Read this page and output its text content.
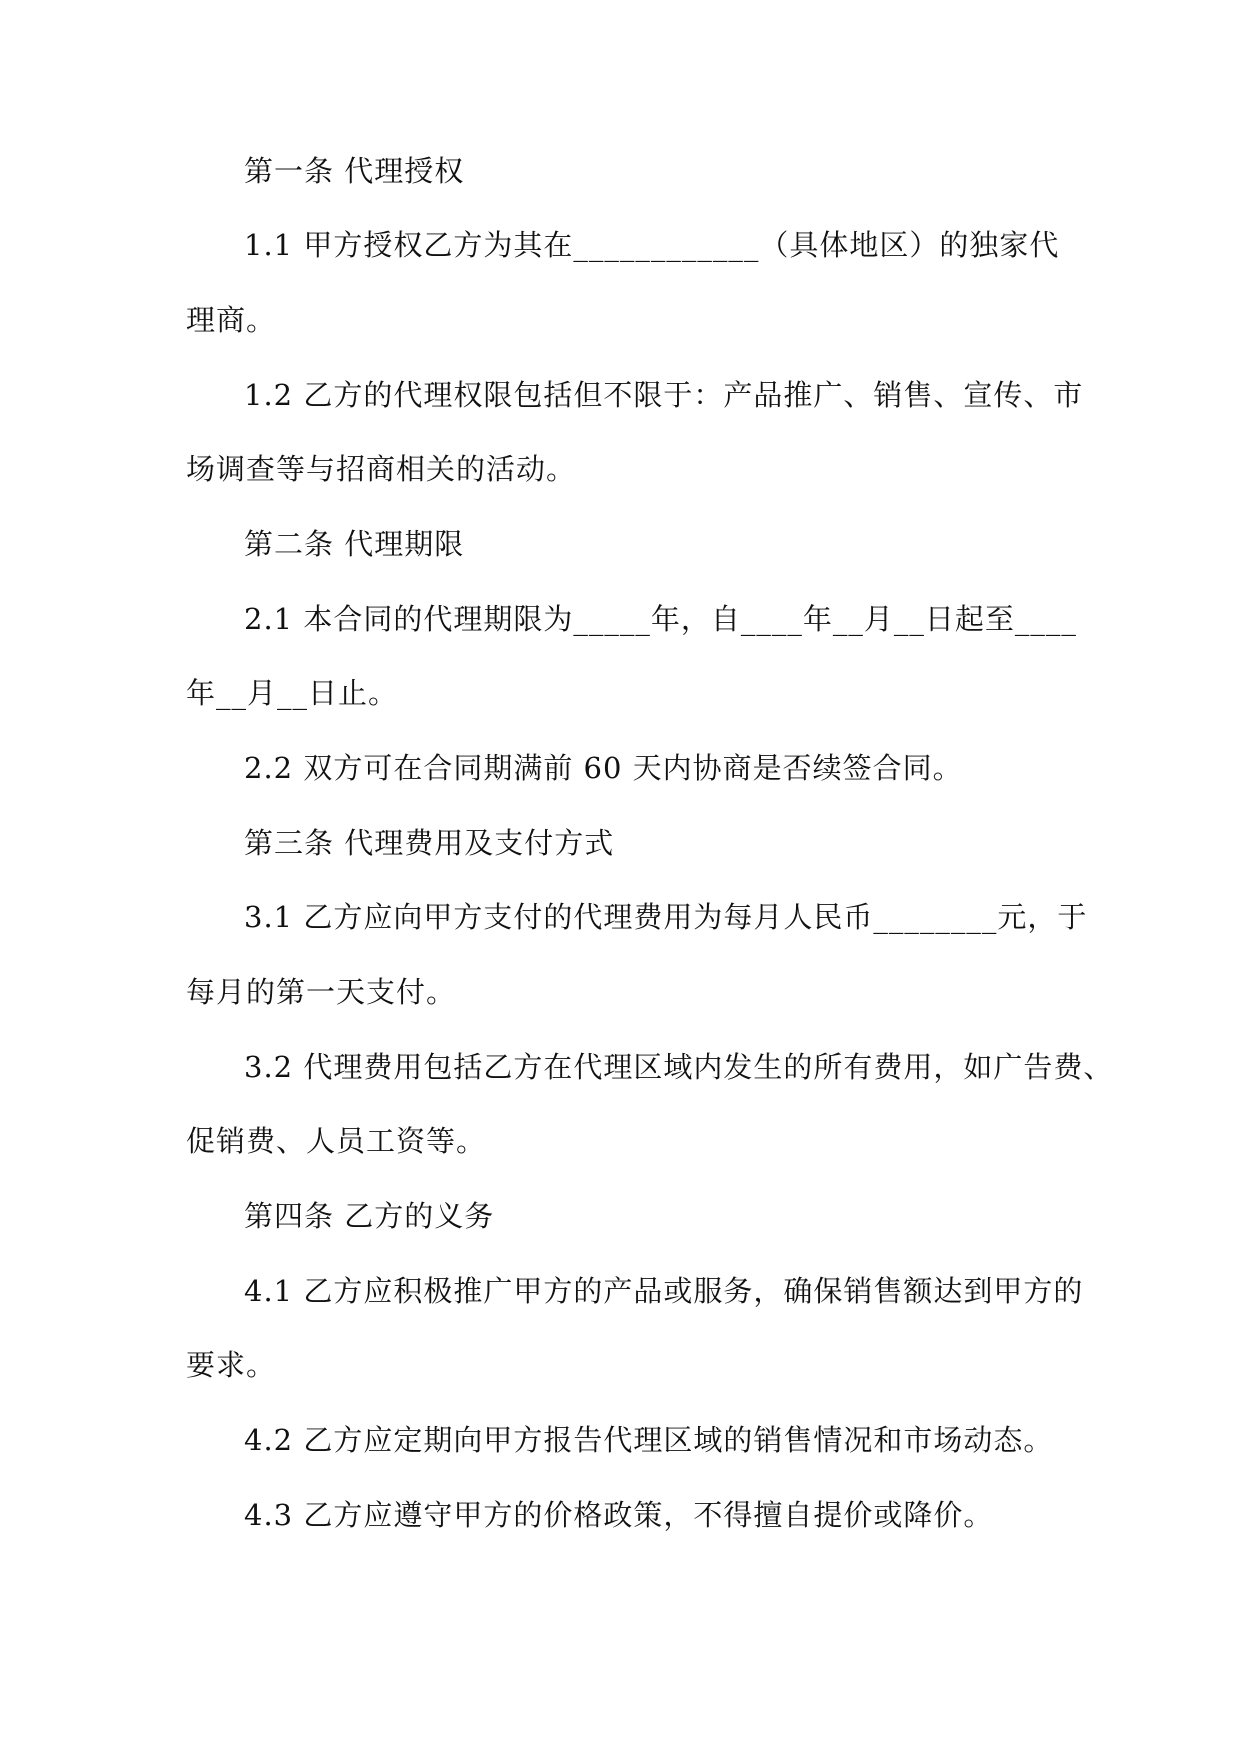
第一条 代理授权

1.1 甲方授权乙方为其在____________（具体地区）的独家代

理商。

1.2 乙方的代理权限包括但不限于：产品推广、销售、宣传、市

场调查等与招商相关的活动。

第二条 代理期限

2.1 本合同的代理期限为_____年，自____年__月__日起至____

年__月__日止。

2.2 双方可在合同期满前 60 天内协商是否续签合同。

第三条 代理费用及支付方式

3.1 乙方应向甲方支付的代理费用为每月人民币________元，于

每月的第一天支付。

3.2 代理费用包括乙方在代理区域内发生的所有费用，如广告费、

促销费、人员工资等。

第四条 乙方的义务

4.1 乙方应积极推广甲方的产品或服务，确保销售额达到甲方的

要求。

4.2 乙方应定期向甲方报告代理区域的销售情况和市场动态。

4.3 乙方应遵守甲方的价格政策，不得擅自提价或降价。
